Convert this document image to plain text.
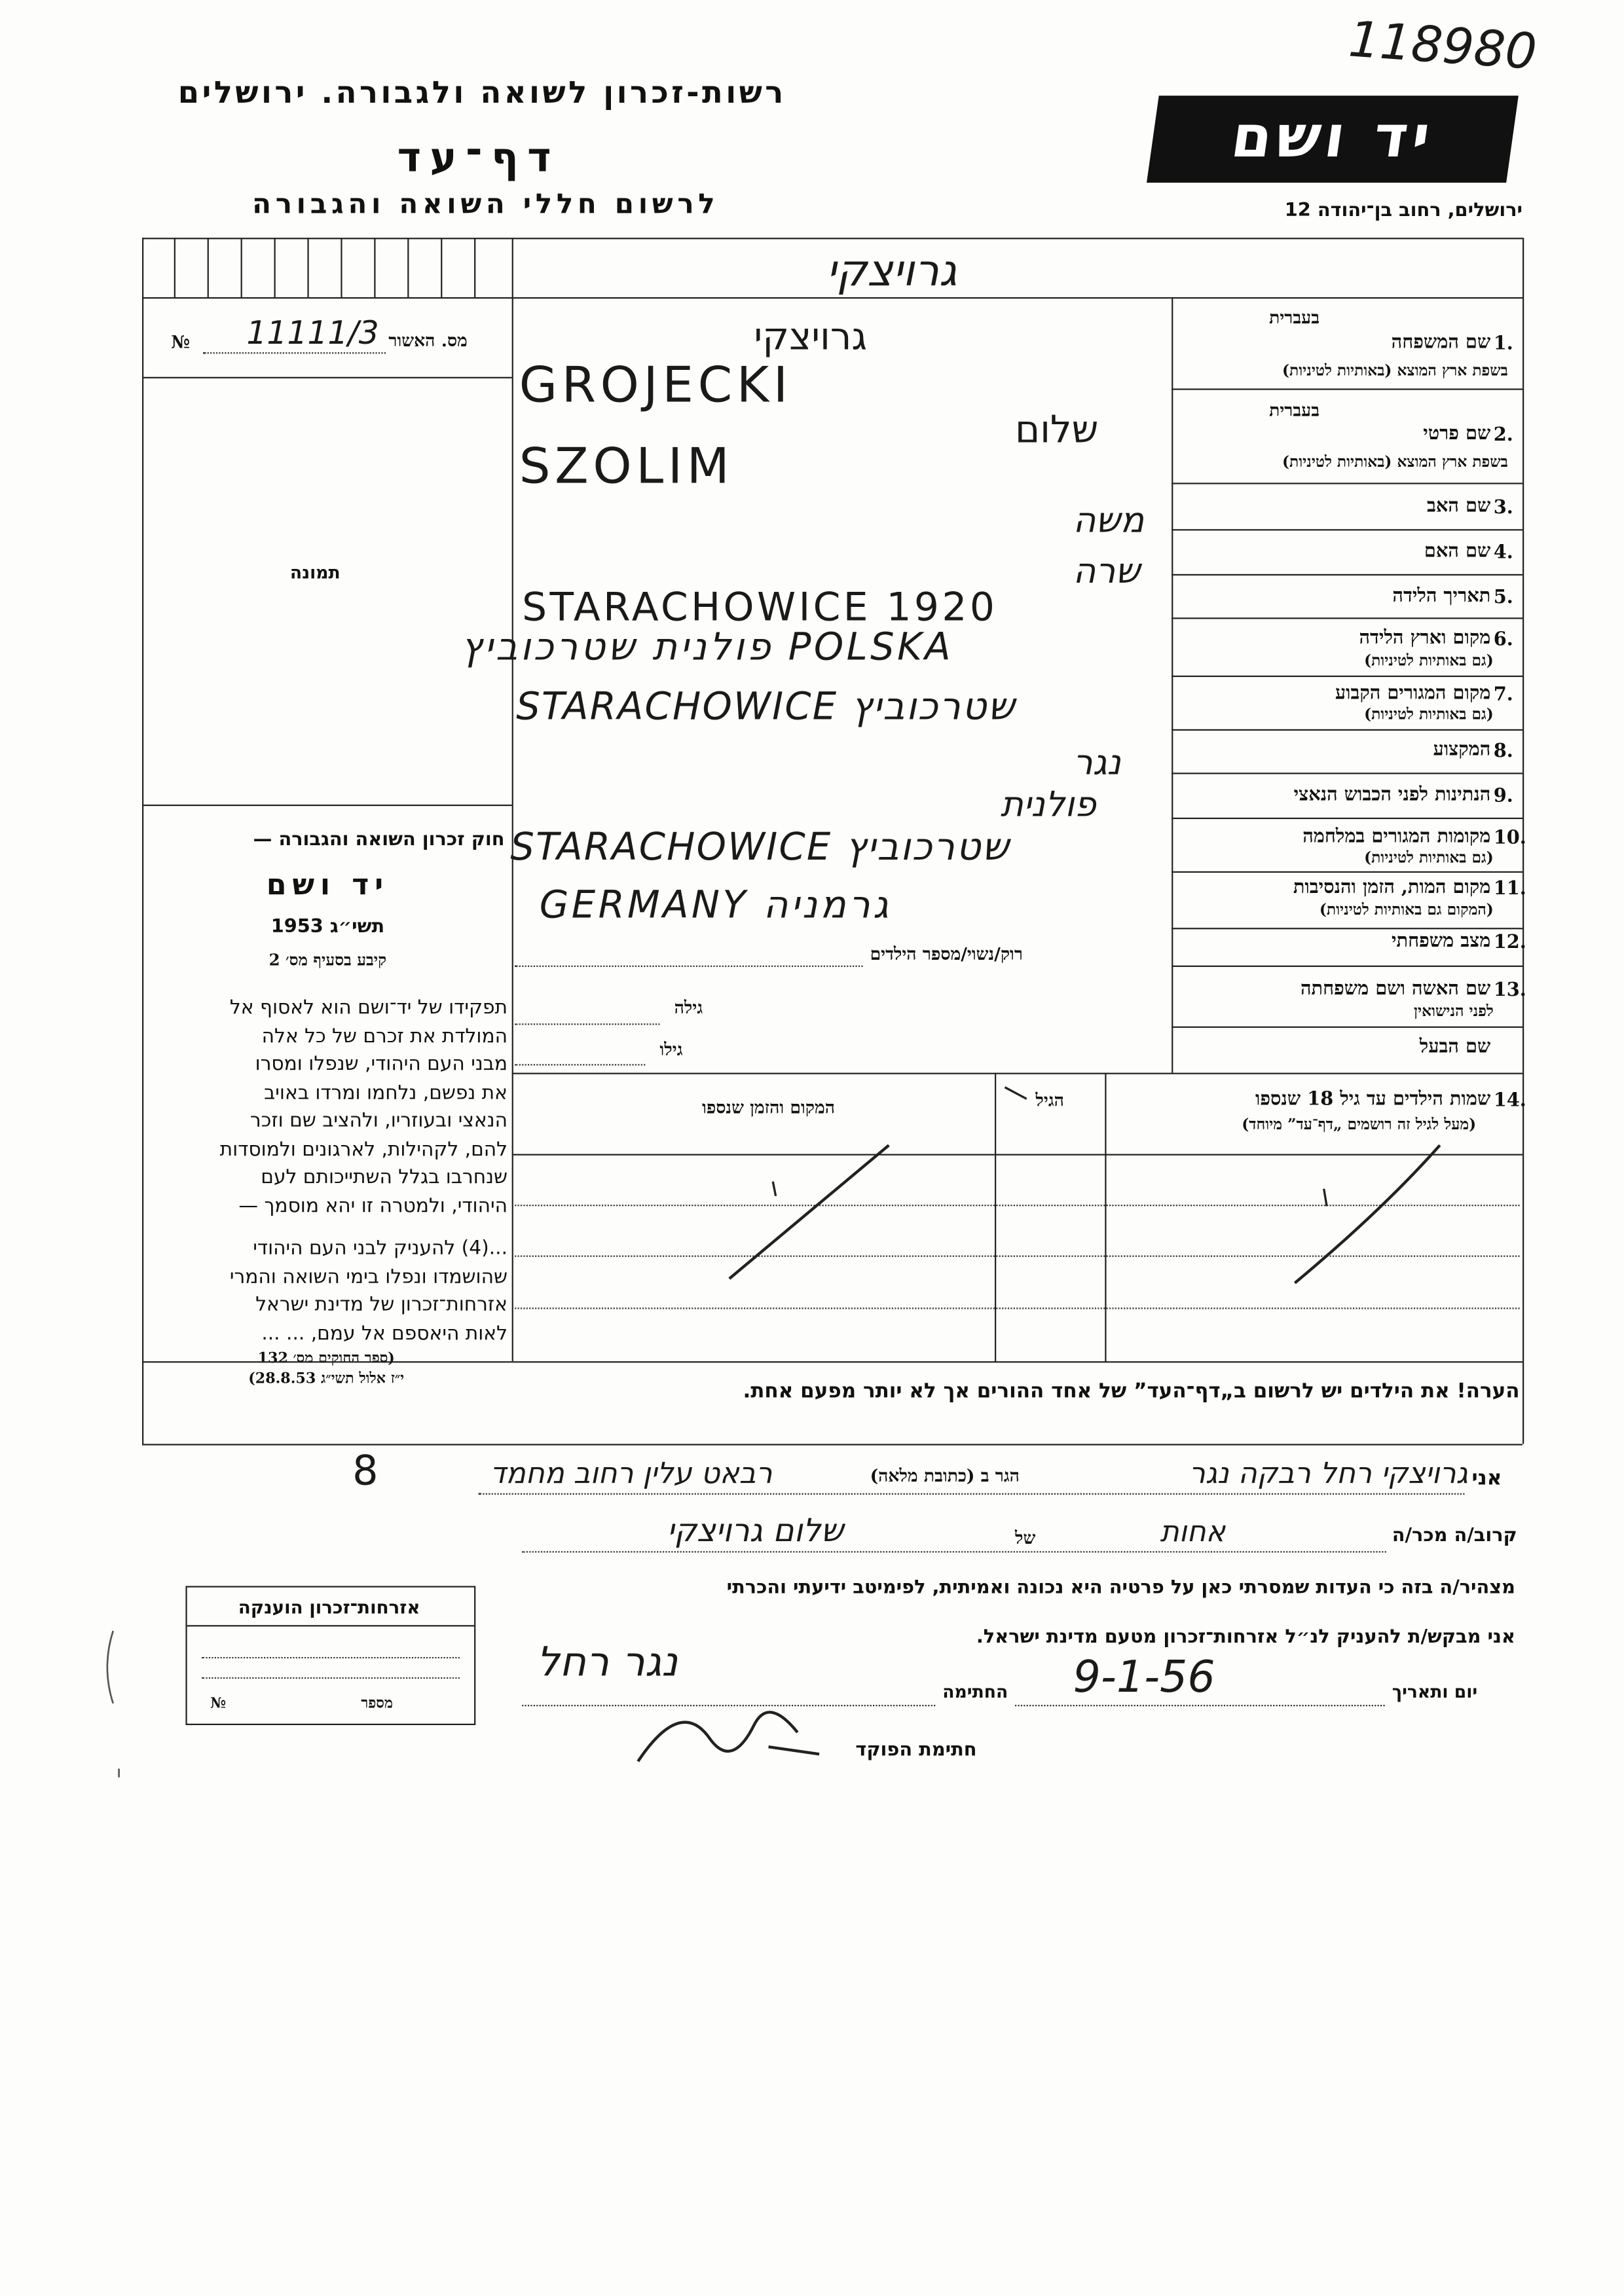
רשות-זכרון לשואה ולגבורה. ירושלים
דף־עד
לרשום חללי השואה והגבורה
יד ושם
ירושלים, רחוב בן־יהודה 12
118980
גרויצקי
מס. האשור
№	11111/3
תמונה
בעברית
1.
שם המשפחה
בשפת ארץ המוצא (באותיות לטיניות)
בעברית
2.
שם פרטי
בשפת ארץ המוצא (באותיות לטיניות)
3.
שם האב
4.
שם האם
5.
תאריך הלידה
6.
מקום וארץ הלידה
(גם באותיות לטיניות)
7.
מקום המגורים הקבוע
(גם באותיות לטיניות)
8.
המקצוע
9.
הנתינות לפני הכבוש הנאצי
10.
מקומות המגורים במלחמה
(גם באותיות לטיניות)
11.
מקום המות, הזמן והנסיבות
(המקום גם באותיות לטיניות)
12.
מצב משפחתי
13.
שם האשה ושם משפחתה
לפני הנישואין
שם הבעל
גרויצקי
GROJECKI
שלום
SZOLIM
משה
שרה
STARACHOWICE 1920
פולנית שטרכוביץ POLSKA
STARACHOWICE שטרכוביץ
נגר
פולנית
STARACHOWICE שטרכוביץ
GERMANY גרמניה
רוק/נשוי/מספר הילדים
גילה
גילו
חוק זכרון השואה והגבורה —
יד ושם
תשי״ג 1953
קיבע בסעיף מס׳ 2
תפקידו של יד־ושם הוא לאסוף אל
המולדת את זכרם של כל אלה
מבני העם היהודי, שנפלו ומסרו
את נפשם, נלחמו ומרדו באויב
הנאצי ובעוזריו, ולהציב שם וזכר
להם, לקהילות, לארגונים ולמוסדות
שנחרבו בגלל השתייכותם לעם
היהודי, ולמטרה זו יהא מוסמך —
...(4) להעניק לבני העם היהודי
שהושמדו ונפלו בימי השואה והמרי
אזרחות־זכרון של מדינת ישראל
לאות היאספם אל עמם, ... ...
(ספר החוקים מס׳ 132
י״ז אלול תשי״ג 28.8.53)
14.
שמות הילדים עד גיל 18 שנספו
(מעל לגיל זה רושמים „דף־עד” מיוחד)
הגיל
המקום והזמן שנספו
הערה! את הילדים יש לרשום ב„דף־העד” של אחד ההורים אך לא יותר מפעם אחת.
אני
גרויצקי רחל רבקה נגר
הגר ב (כתובת מלאה)
רבאט עלין רחוב מחמד
8
קרוב/ה מכר/ה
אחות
של
שלום גרויצקי
מצהיר/ה בזה כי העדות שמסרתי כאן על פרטיה היא נכונה ואמיתית, לפימיטב ידיעתי והכרתי
אני מבקש/ת להעניק לנ״ל אזרחות־זכרון מטעם מדינת ישראל.
יום ותאריך
9-1-56
החתימה
נגר רחל
חתימת הפוקד
אזרחות־זכרון הוענקה
מספר
№
